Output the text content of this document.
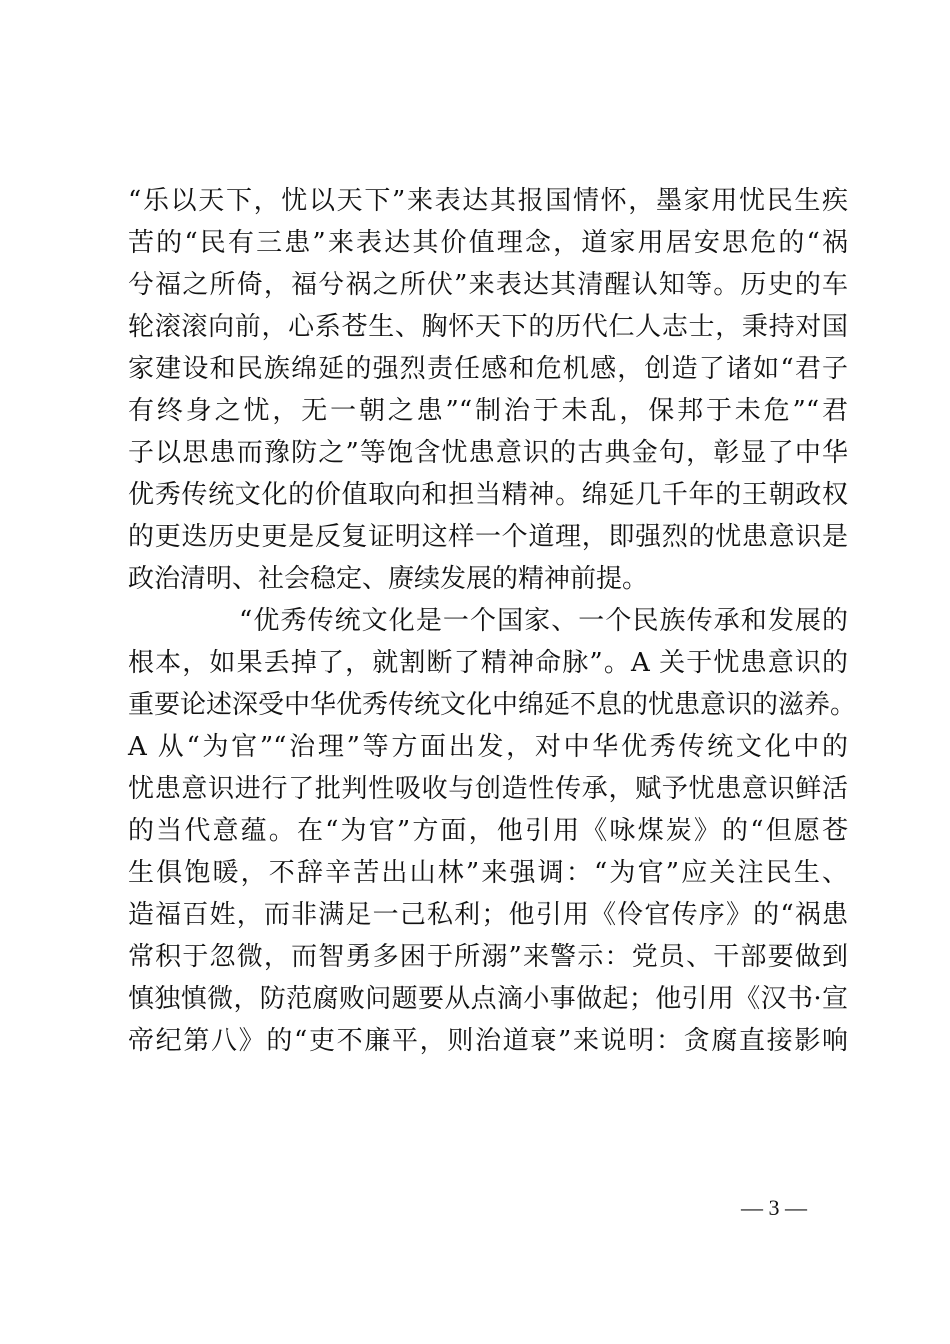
“乐以天下，忧以天下”来表达其报国情怀，墨家用忧民生疾
苦的“民有三患”来表达其价值理念，道家用居安思危的“祸
兮福之所倚，福兮祸之所伏”来表达其清醒认知等。历史的车
轮滚滚向前，心系苍生、胸怀天下的历代仁人志士，秉持对国
家建设和民族绵延的强烈责任感和危机感，创造了诸如“君子
有终身之忧，无一朝之患”“制治于未乱，保邦于未危”“君
子以思患而豫防之”等饱含忧患意识的古典金句，彰显了中华
优秀传统文化的价值取向和担当精神。绵延几千年的王朝政权
的更迭历史更是反复证明这样一个道理，即强烈的忧患意识是
政治清明、社会稳定、赓续发展的精神前提。
“优秀传统文化是一个国家、一个民族传承和发展的
根本，如果丢掉了，就割断了精神命脉”。A 关于忧患意识的
重要论述深受中华优秀传统文化中绵延不息的忧患意识的滋养。
A 从“为官”“治理”等方面出发，对中华优秀传统文化中的
忧患意识进行了批判性吸收与创造性传承，赋予忧患意识鲜活
的当代意蕴。在“为官”方面，他引用《咏煤炭》的“但愿苍
生俱饱暖，不辞辛苦出山林”来强调：“为官”应关注民生、
造福百姓，而非满足一己私利；他引用《伶官传序》的“祸患
常积于忽微，而智勇多困于所溺”来警示：党员、干部要做到
慎独慎微，防范腐败问题要从点滴小事做起；他引用《汉书·宣
帝纪第八》的“吏不廉平，则治道衰”来说明：贪腐直接影响
— 3 —
